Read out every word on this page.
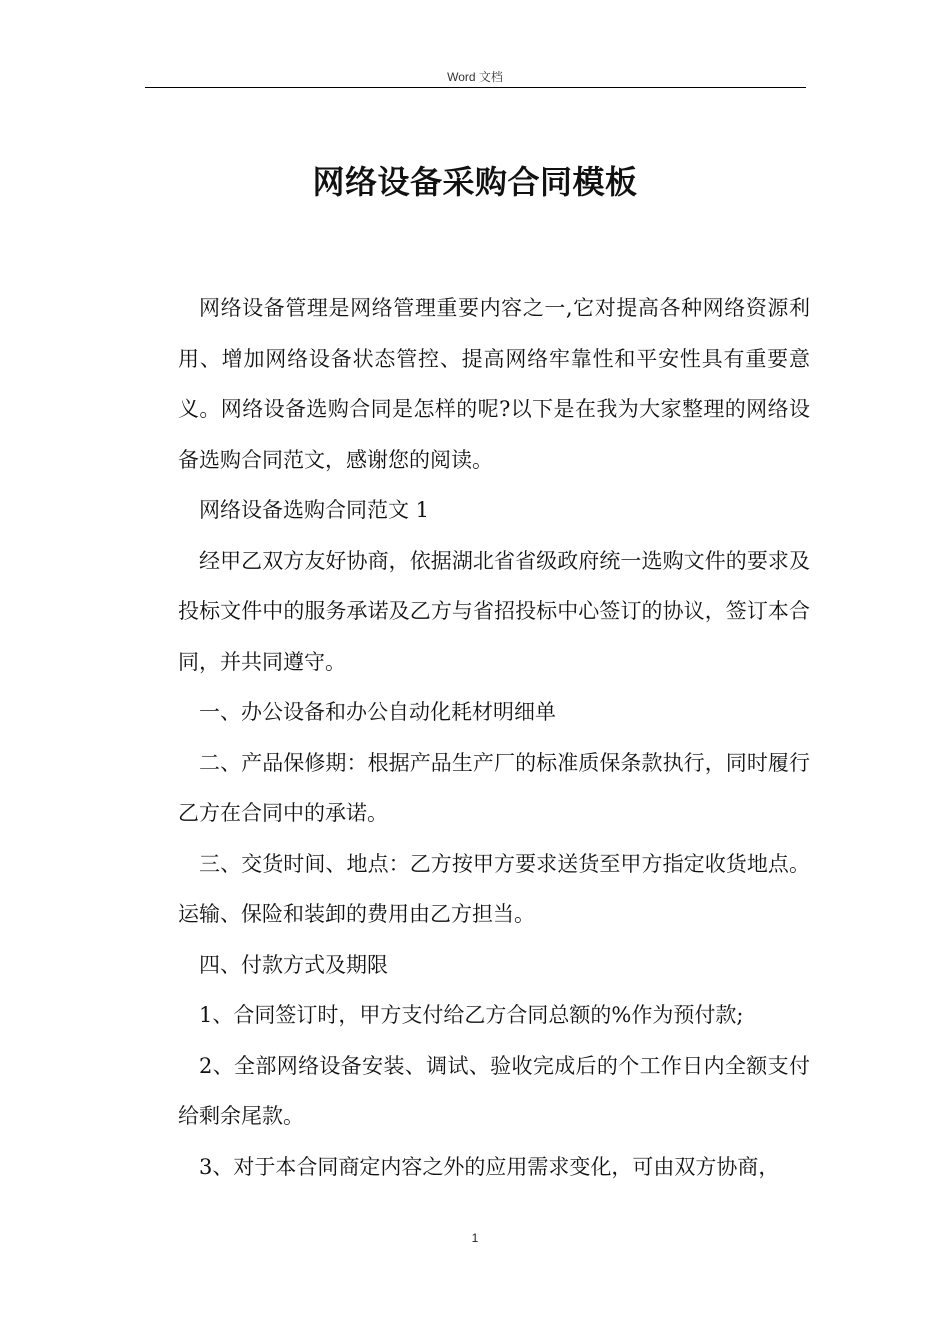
Word 文档
网络设备采购合同模板

网络设备管理是网络管理重要内容之一,它对提高各种网络资源利用、增加网络设备状态管控、提高网络牢靠性和平安性具有重要意义。网络设备选购合同是怎样的呢?以下是在我为大家整理的网络设备选购合同范文，感谢您的阅读。

网络设备选购合同范文 1

经甲乙双方友好协商，依据湖北省省级政府统一选购文件的要求及投标文件中的服务承诺及乙方与省招投标中心签订的协议，签订本合同，并共同遵守。

一、办公设备和办公自动化耗材明细单

二、产品保修期：根据产品生产厂的标准质保条款执行，同时履行乙方在合同中的承诺。

三、交货时间、地点：乙方按甲方要求送货至甲方指定收货地点。运输、保险和装卸的费用由乙方担当。

四、付款方式及期限

1、合同签订时，甲方支付给乙方合同总额的%作为预付款;

2、全部网络设备安装、调试、验收完成后的个工作日内全额支付给剩余尾款。

3、对于本合同商定内容之外的应用需求变化，可由双方协商，

1
